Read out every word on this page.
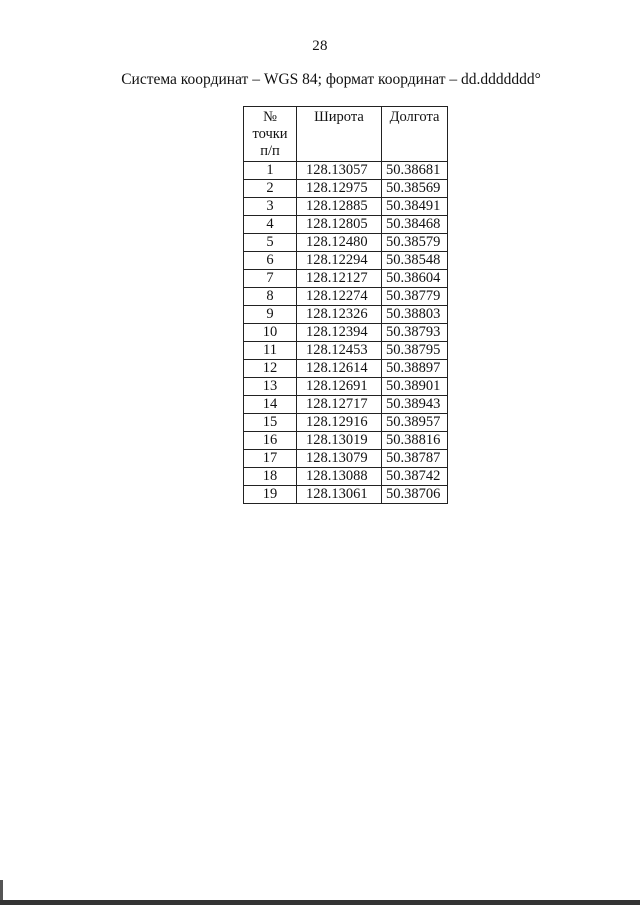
28
Система координат – WGS 84; формат координат – dd.ddddddd°
№
точки
п/п	Широта	Долгота
1	128.13057	50.38681
2	128.12975	50.38569
3	128.12885	50.38491
4	128.12805	50.38468
5	128.12480	50.38579
6	128.12294	50.38548
7	128.12127	50.38604
8	128.12274	50.38779
9	128.12326	50.38803
10	128.12394	50.38793
11	128.12453	50.38795
12	128.12614	50.38897
13	128.12691	50.38901
14	128.12717	50.38943
15	128.12916	50.38957
16	128.13019	50.38816
17	128.13079	50.38787
18	128.13088	50.38742
19	128.13061	50.38706
